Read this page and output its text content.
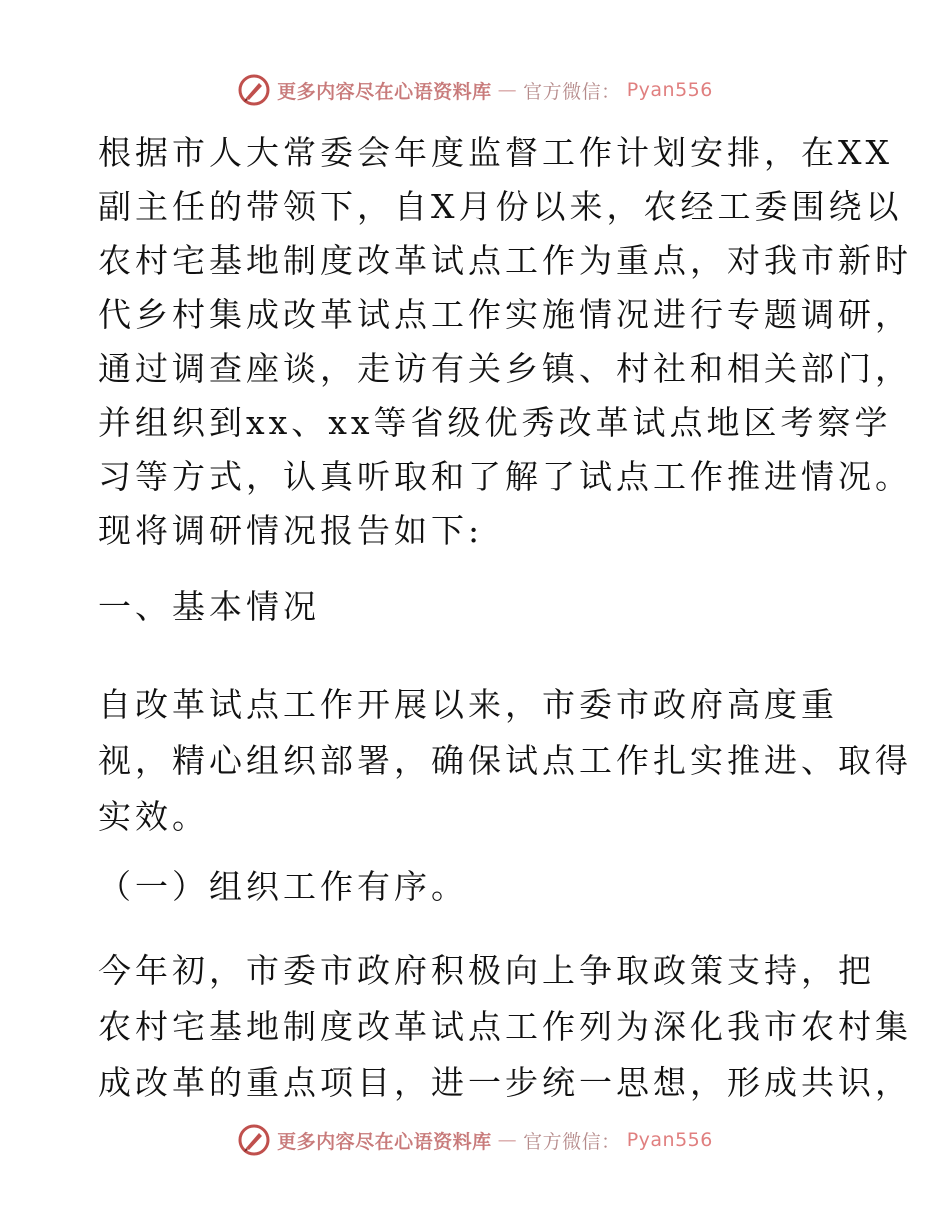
更多内容尽在心语资料库 — 官方微信： Pyan556
根据市人大常委会年度监督工作计划安排，在XX
副主任的带领下，自X月份以来，农经工委围绕以
农村宅基地制度改革试点工作为重点，对我市新时
代乡村集成改革试点工作实施情况进行专题调研，
通过调查座谈，走访有关乡镇、村社和相关部门，
并组织到xx、xx等省级优秀改革试点地区考察学
习等方式，认真听取和了解了试点工作推进情况。
现将调研情况报告如下:
一、基本情况
自改革试点工作开展以来，市委市政府高度重
视，精心组织部署，确保试点工作扎实推进、取得
实效。
（一）组织工作有序。
今年初，市委市政府积极向上争取政策支持，把
农村宅基地制度改革试点工作列为深化我市农村集
成改革的重点项目，进一步统一思想，形成共识，
更多内容尽在心语资料库 — 官方微信： Pyan556
